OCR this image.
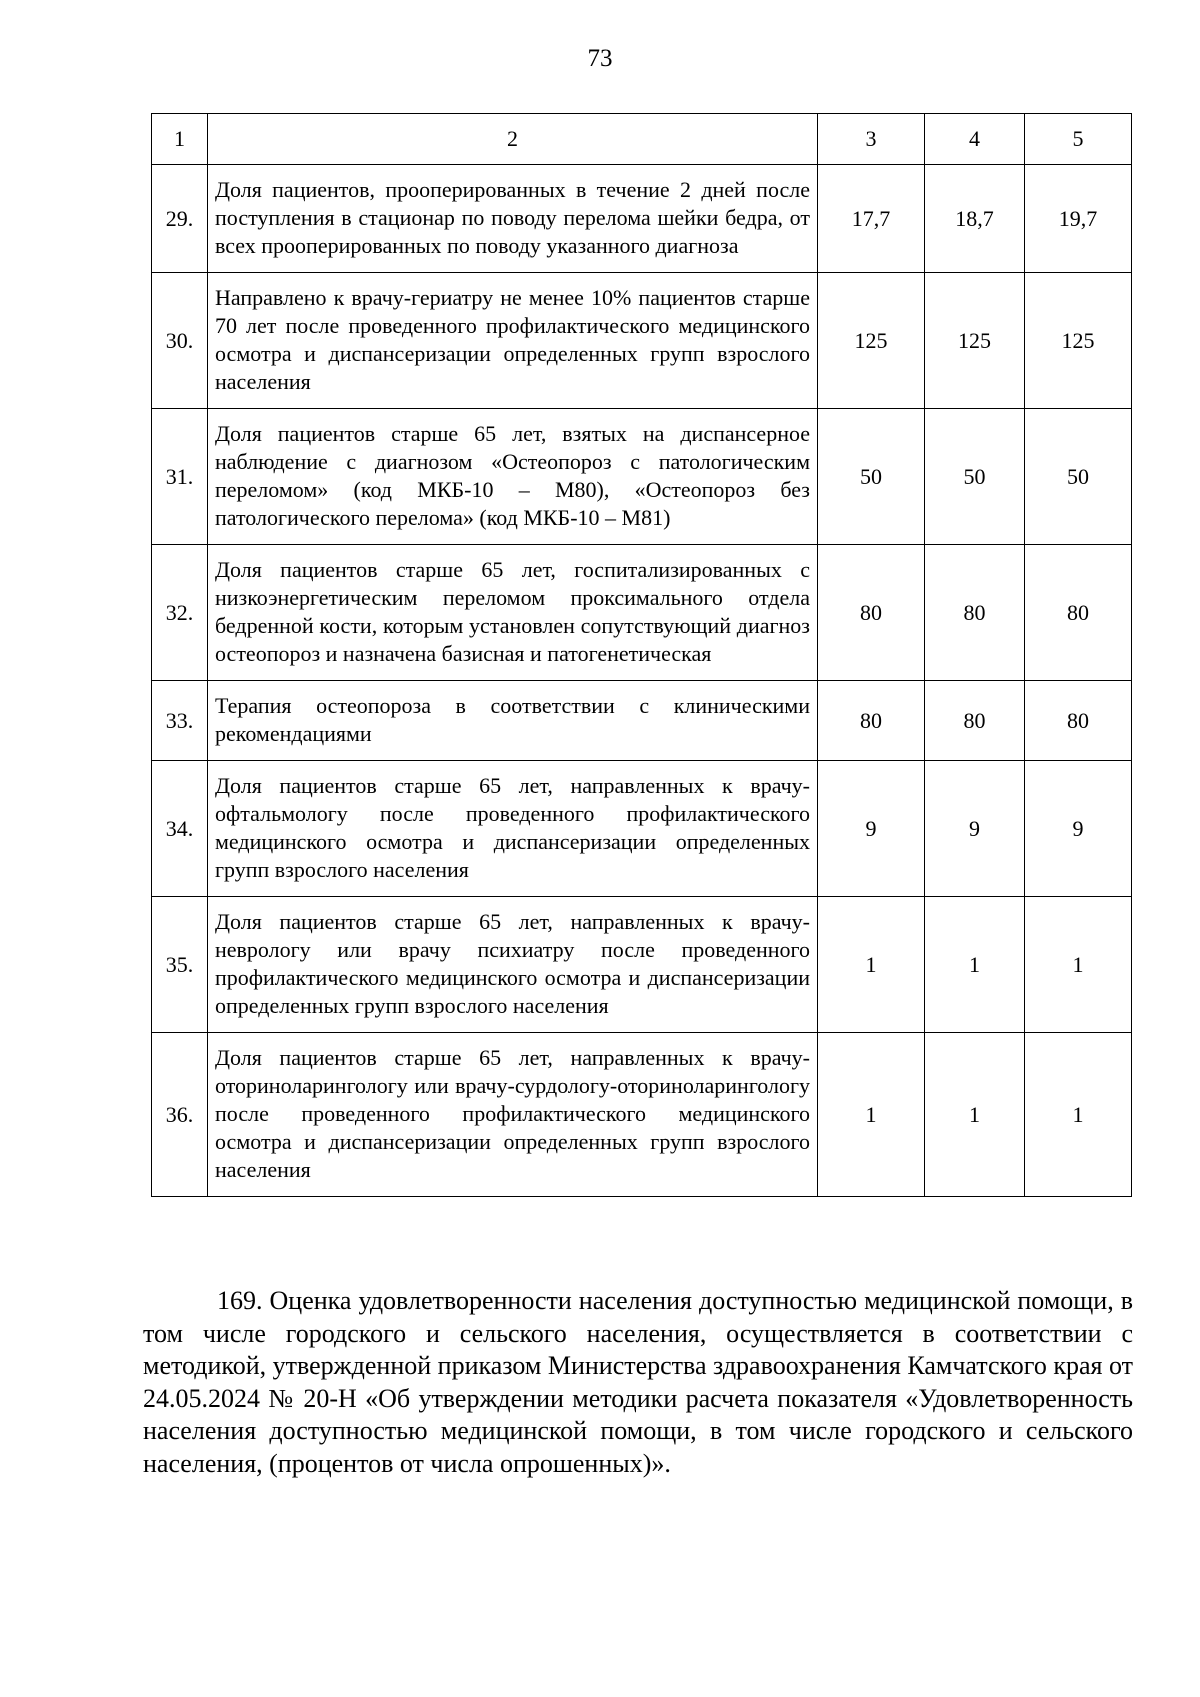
73
1	2	3	4	5
29.	Доля пациентов, прооперированных в течение 2 дней после поступления в стационар по поводу перелома шейки бедра, от всех прооперированных по поводу указанного диагноза	17,7	18,7	19,7
30.	Направлено к врачу-гериатру не менее 10% пациентов старше 70 лет после проведенного профилактического медицинского осмотра и диспансеризации определенных групп взрослого населения	125	125	125
31.	Доля пациентов старше 65 лет, взятых на диспансерное наблюдение с диагнозом «Остеопороз с патологическим переломом» (код МКБ-10 – М80), «Остеопороз без патологического перелома» (код МКБ-10 – М81)	50	50	50
32.	Доля пациентов старше 65 лет, госпитализированных с низкоэнергетическим переломом проксимального отдела бедренной кости, которым установлен сопутствующий диагноз остеопороз и назначена базисная и патогенетическая	80	80	80
33.	Терапия остеопороза в соответствии с клиническими рекомендациями	80	80	80
34.	Доля пациентов старше 65 лет, направленных к врачу-офтальмологу после проведенного профилактического медицинского осмотра и диспансеризации определенных групп взрослого населения	9	9	9
35.	Доля пациентов старше 65 лет, направленных к врачу-неврологу или врачу психиатру после проведенного профилактического медицинского осмотра и диспансеризации определенных групп взрослого населения	1	1	1
36.	Доля пациентов старше 65 лет, направленных к врачу-оториноларингологу или врачу-сурдологу-оториноларингологу после проведенного профилактического медицинского осмотра и диспансеризации определенных групп взрослого населения	1	1	1

169. Оценка удовлетворенности населения доступностью медицинской помощи, в том числе городского и сельского населения, осуществляется в соответствии с методикой, утвержденной приказом Министерства здравоохранения Камчатского края от 24.05.2024 № 20-Н «Об утверждении методики расчета показателя «Удовлетворенность населения доступностью медицинской помощи, в том числе городского и сельского населения, (процентов от числа опрошенных)».
